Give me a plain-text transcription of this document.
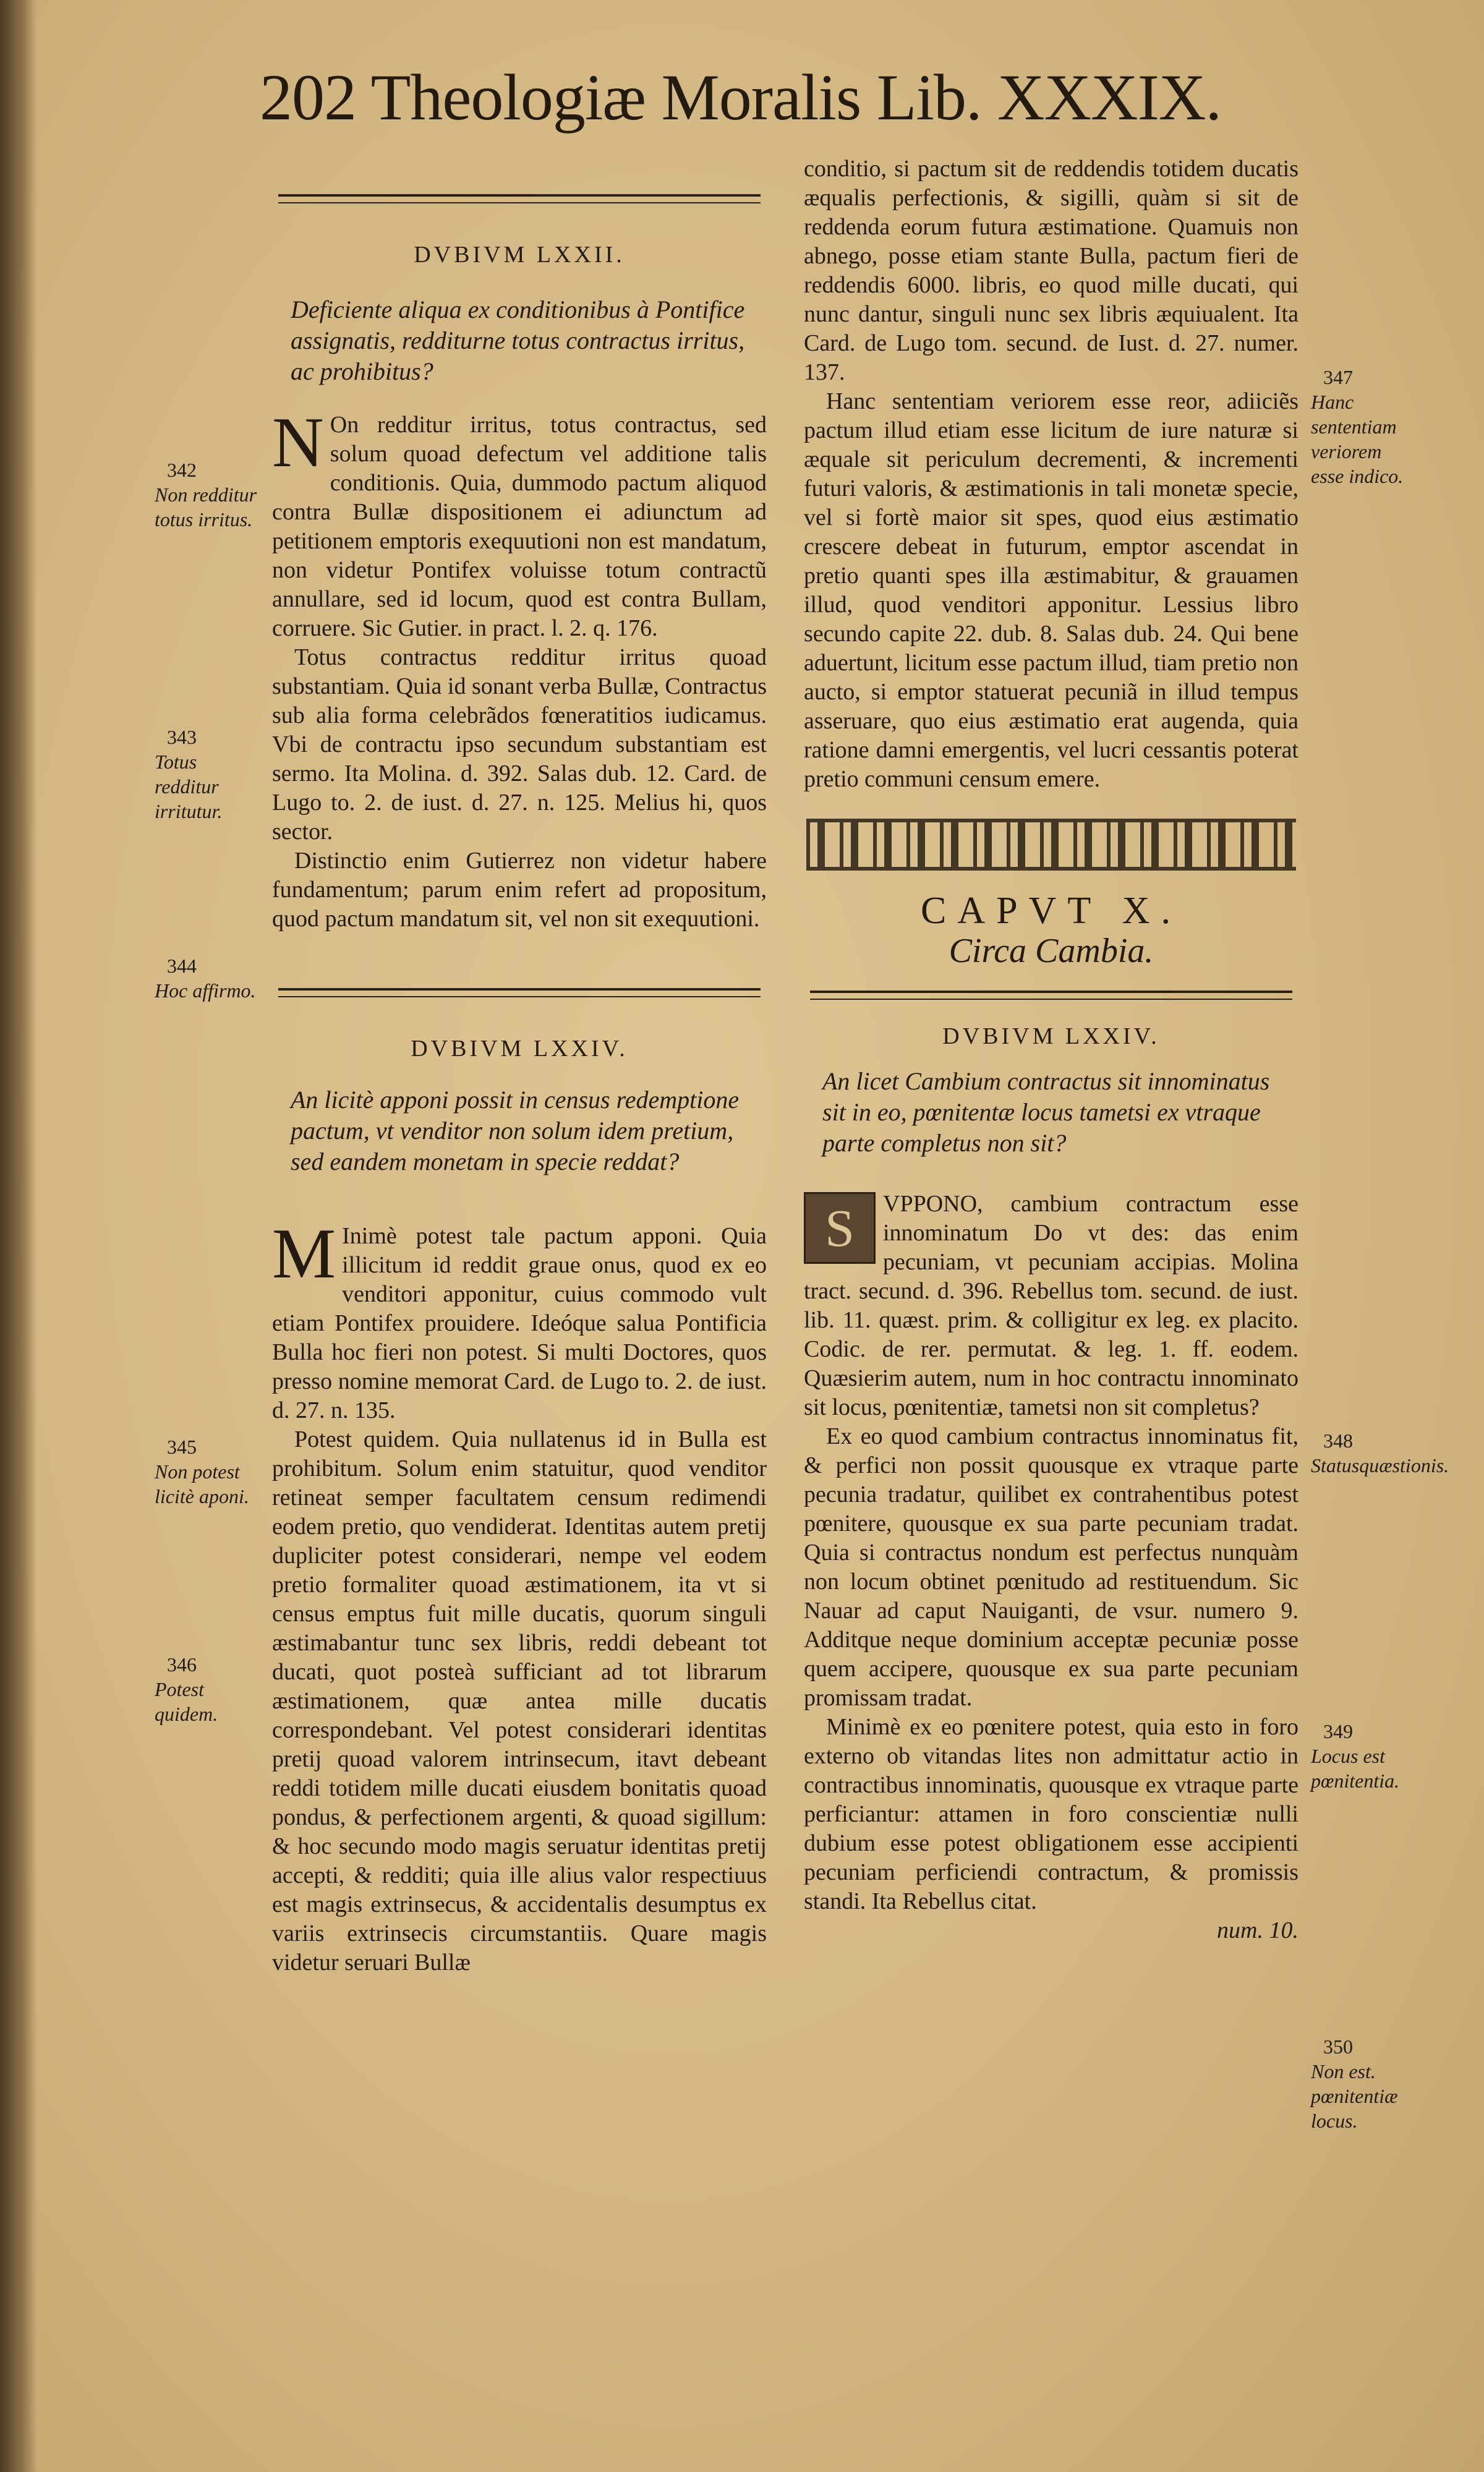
202 Theologiæ Moralis Lib. XXXIX.
DVBIVM LXXII.
Deficiente aliqua ex conditionibus à Pontifice assignatis, redditurne totus contractus irritus, ac prohibitus?

N On redditur irritus, totus contractus, sed solum quoad defectum vel additione talis conditionis. Quia, dummodo pactum aliquod contra Bullæ dispositionem ei adiunctum ad petitionem emptoris exequutioni non est mandatum, non videtur Pontifex voluisse totum contractũ annullare, sed id locum, quod est contra Bullam, corruere. Sic Gutier. in pract. l. 2. q. 176.

Totus contractus redditur irritus quoad substantiam. Quia id sonant verba Bullæ, Contractus sub alia forma celebrãdos fœneratitios iudicamus. Vbi de contractu ipso secundum substantiam est sermo. Ita Molina. d. 392. Salas dub. 12. Card. de Lugo to. 2. de iust. d. 27. n. 125. Melius hi, quos sector.

Distinctio enim Gutierrez non videtur habere fundamentum; parum enim refert ad propositum, quod pactum mandatum sit, vel non sit exequutioni.

DVBIVM LXXIV.
An licitè apponi possit in census redemptione pactum, vt venditor non solum idem pretium, sed eandem monetam in specie reddat?

M Inimè potest tale pactum apponi. Quia illicitum id reddit graue onus, quod ex eo venditori apponitur, cuius commodo vult etiam Pontifex prouidere. Ideóque salua Pontificia Bulla hoc fieri non potest. Si multi Doctores, quos presso nomine memorat Card. de Lugo to. 2. de iust. d. 27. n. 135.

Potest quidem. Quia nullatenus id in Bulla est prohibitum. Solum enim statuitur, quod venditor retineat semper facultatem censum redimendi eodem pretio, quo vendiderat. Identitas autem pretij dupliciter potest considerari, nempe vel eodem pretio formaliter quoad æstimationem, ita vt si census emptus fuit mille ducatis, quorum singuli æstimabantur tunc sex libris, reddi debeant tot ducati, quot posteà sufficiant ad tot librarum æstimationem, quæ antea mille ducatis correspondebant. Vel potest considerari identitas pretij quoad valorem intrinsecum, itavt debeant reddi totidem mille ducati eiusdem bonitatis quoad pondus, & perfectionem argenti, & quoad sigillum: & hoc secundo modo magis seruatur identitas pretij accepti, & redditi; quia ille alius valor respectiuus est magis extrinsecus, & accidentalis desumptus ex variis extrinsecis circumstantiis. Quare magis videtur seruari Bullæ

conditio, si pactum sit de reddendis totidem ducatis æqualis perfectionis, & sigilli, quàm si sit de reddenda eorum futura æstimatione. Quamuis non abnego, posse etiam stante Bulla, pactum fieri de reddendis 6000. libris, eo quod mille ducati, qui nunc dantur, singuli nunc sex libris æquiualent. Ita Card. de Lugo tom. secund. de Iust. d. 27. numer. 137.

Hanc sententiam veriorem esse reor, adiiciẽs pactum illud etiam esse licitum de iure naturæ si æquale sit periculum decrementi, & incrementi futuri valoris, & æstimationis in tali monetæ specie, vel si fortè maior sit spes, quod eius æstimatio crescere debeat in futurum, emptor ascendat in pretio quanti spes illa æstimabitur, & grauamen illud, quod venditori apponitur. Lessius libro secundo capite 22. dub. 8. Salas dub. 24. Qui bene aduertunt, licitum esse pactum illud, tiam pretio non aucto, si emptor statuerat pecuniã in illud tempus asseruare, quo eius æstimatio erat augenda, quia ratione damni emergentis, vel lucri cessantis poterat pretio communi censum emere.

CAPVT X.
Circa Cambia.
DVBIVM LXXIV.
An licet Cambium contractus sit innominatus sit in eo, pœnitentæ locus tametsi ex vtraque parte completus non sit?

S	VPPONO, cambium contractum esse innominatum Do vt des: das enim pecuniam, vt pecuniam accipias. Molina tract. secund. d. 396. Rebellus tom. secund. de iust. lib. 11. quæst. prim. & colligitur ex leg. ex placito. Codic. de rer. permutat. & leg. 1. ff. eodem. Quæsierim autem, num in hoc contractu innominato sit locus, pœnitentiæ, tametsi non sit completus?

Ex eo quod cambium contractus innominatus fit, & perfici non possit quousque ex vtraque parte pecunia tradatur, quilibet ex contrahentibus potest pœnitere, quousque ex sua parte pecuniam tradat. Quia si contractus nondum est perfectus nunquàm non locum obtinet pœnitudo ad restituendum. Sic Nauar ad caput Nauiganti, de vsur. numero 9. Additque neque dominium acceptæ pecuniæ posse quem accipere, quousque ex sua parte pecuniam promissam tradat.

Minimè ex eo pœnitere potest, quia esto in foro externo ob vitandas lites non admittatur actio in contractibus innominatis, quousque ex vtraque parte perficiantur: attamen in foro conscientiæ nulli dubium esse potest obligationem esse accipienti pecuniam perficiendi contractum, & promissis standi. Ita Rebellus citat.

num. 10.
342
Non redditur totus irritus.
343
Totus redditur irritutur.
344
Hoc affirmo.
345
Non potest licitè aponi.
346
Potest quidem.
347
Hanc sententiam veriorem esse indico.
348
Statusquæstionis.
349
Locus est pœnitentia.
350
Non est. pœnitentiæ locus.
